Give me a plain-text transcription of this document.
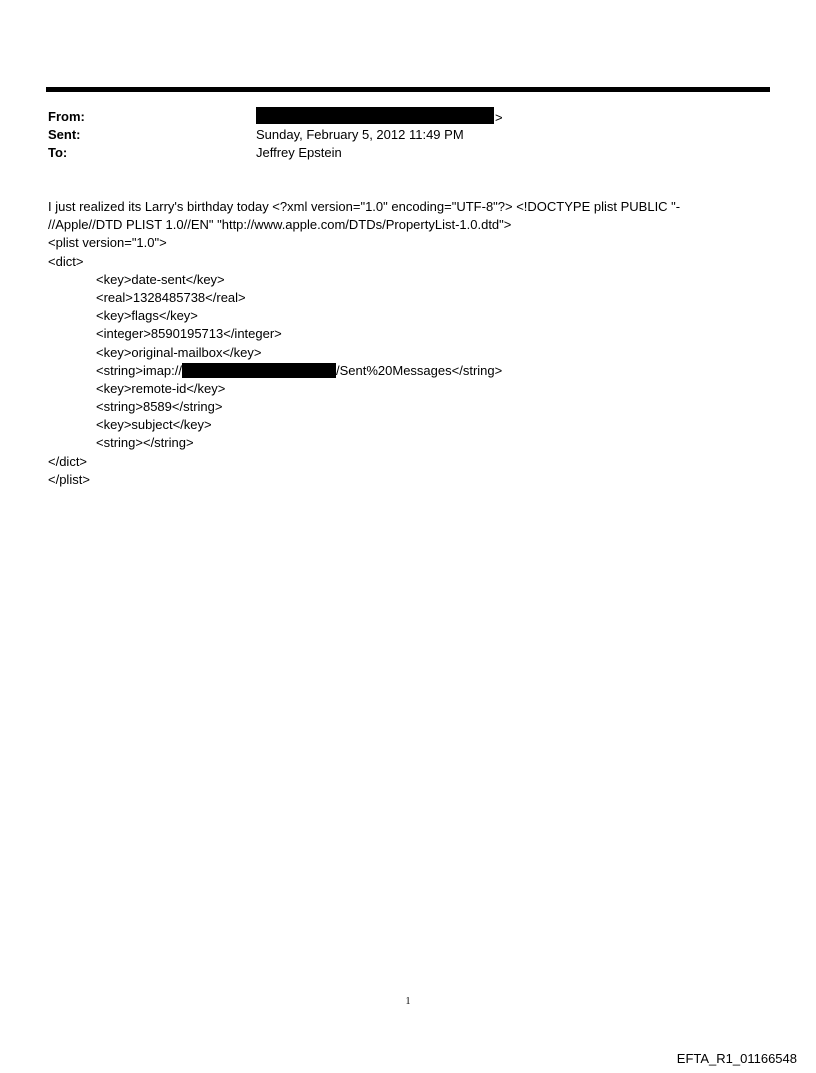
From:	>
Sent:	Sunday, February 5, 2012 11:49 PM
To:	Jeffrey Epstein
I just realized its Larry's birthday today <?xml version="1.0" encoding="UTF-8"?> <!DOCTYPE plist PUBLIC "-
//Apple//DTD PLIST 1.0//EN" "http://www.apple.com/DTDs/PropertyList-1.0.dtd">
<plist version="1.0">
<dict>
<key>date-sent</key>
<real>1328485738</real>
<key>flags</key>
<integer>8590195713</integer>
<key>original-mailbox</key>
<string>imap://	/Sent%20Messages</string>
<key>remote-id</key>
<string>8589</string>
<key>subject</key>
<string></string>
</dict>
</plist>
1
EFTA_R1_01166548
